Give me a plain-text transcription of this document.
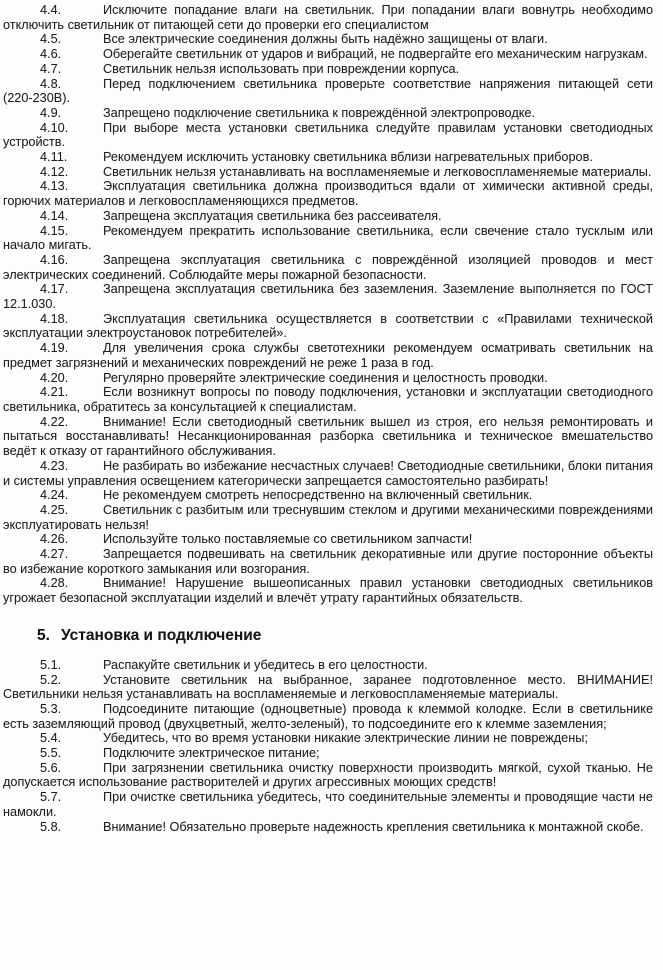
4.4.	Исключите попадание влаги на светильник. При попадании влаги вовнутрь необходимо отключить светильник от питающей сети до проверки его специалистом

4.5.	Все электрические соединения должны быть надёжно защищены от влаги.

4.6.	Оберегайте светильник от ударов и вибраций, не подвергайте его механическим нагрузкам.

4.7.	Светильник нельзя использовать при повреждении корпуса.

4.8.	Перед подключением светильника проверьте соответствие напряжения питающей сети (220-230В).

4.9.	Запрещено подключение светильника к повреждённой электропроводке.

4.10.	При выборе места установки светильника следуйте правилам установки светодиодных устройств.

4.11.	Рекомендуем исключить установку светильника вблизи нагревательных приборов.

4.12.	Светильник нельзя устанавливать на воспламеняемые и легковоспламеняемые материалы.

4.13.	Эксплуатация светильника должна производиться вдали от химически активной среды, горючих материалов и легковоспламеняющихся предметов.

4.14.	Запрещена эксплуатация светильника без рассеивателя.

4.15.	Рекомендуем прекратить использование светильника, если свечение стало тусклым или начало мигать.

4.16.	Запрещена эксплуатация светильника с повреждённой изоляцией проводов и мест электрических соединений. Соблюдайте меры пожарной безопасности.

4.17.	Запрещена эксплуатация светильника без заземления. Заземление выполняется по ГОСТ 12.1.030.

4.18.	Эксплуатация светильника осуществляется в соответствии с «Правилами технической эксплуатации электроустановок потребителей».

4.19.	Для увеличения срока службы светотехники рекомендуем осматривать светильник на предмет загрязнений и механических повреждений не реже 1 раза в год.

4.20.	Регулярно проверяйте электрические соединения и целостность проводки.

4.21.	Если возникнут вопросы по поводу подключения, установки и эксплуатации светодиодного светильника, обратитесь за консультацией к специалистам.

4.22.	Внимание! Если светодиодный светильник вышел из строя, его нельзя ремонтировать и пытаться восстанавливать! Несанкционированная разборка светильника и техническое вмешательство ведёт к отказу от гарантийного обслуживания.

4.23.	Не разбирать во избежание несчастных случаев! Светодиодные светильники, блоки питания и системы управления освещением категорически запрещается самостоятельно разбирать!

4.24.	Не рекомендуем смотреть непосредственно на включенный светильник.

4.25.	Светильник с разбитым или треснувшим стеклом и другими механическими повреждениями эксплуатировать нельзя!

4.26.	Используйте только поставляемые со светильником запчасти!

4.27.	Запрещается подвешивать на светильник декоративные или другие посторонние объекты во избежание короткого замыкания или возгорания.

4.28.	Внимание! Нарушение вышеописанных правил установки светодиодных светильников угрожает безопасной эксплуатации изделий и влечёт утрату гарантийных обязательств.

5. Установка и подключение

5.1.	Распакуйте светильник и убедитесь в его целостности.

5.2.	Установите светильник на выбранное, заранее подготовленное место. ВНИМАНИЕ! Светильники нельзя устанавливать на воспламеняемые и легковоспламеняемые материалы.

5.3.	Подсоедините питающие (одноцветные) провода к клеммой колодке. Если в светильнике есть заземляющий провод (двухцветный, желто-зеленый), то подсоедините его к клемме заземления;

5.4.	Убедитесь, что во время установки никакие электрические линии не повреждены;

5.5.	Подключите электрическое питание;

5.6.	При загрязнении светильника очистку поверхности производить мягкой, сухой тканью. Не допускается использование растворителей и других агрессивных моющих средств!

5.7.	При очистке светильника убедитесь, что соединительные элементы и проводящие части не намокли.

5.8.	Внимание! Обязательно проверьте надежность крепления светильника к монтажной скобе.
